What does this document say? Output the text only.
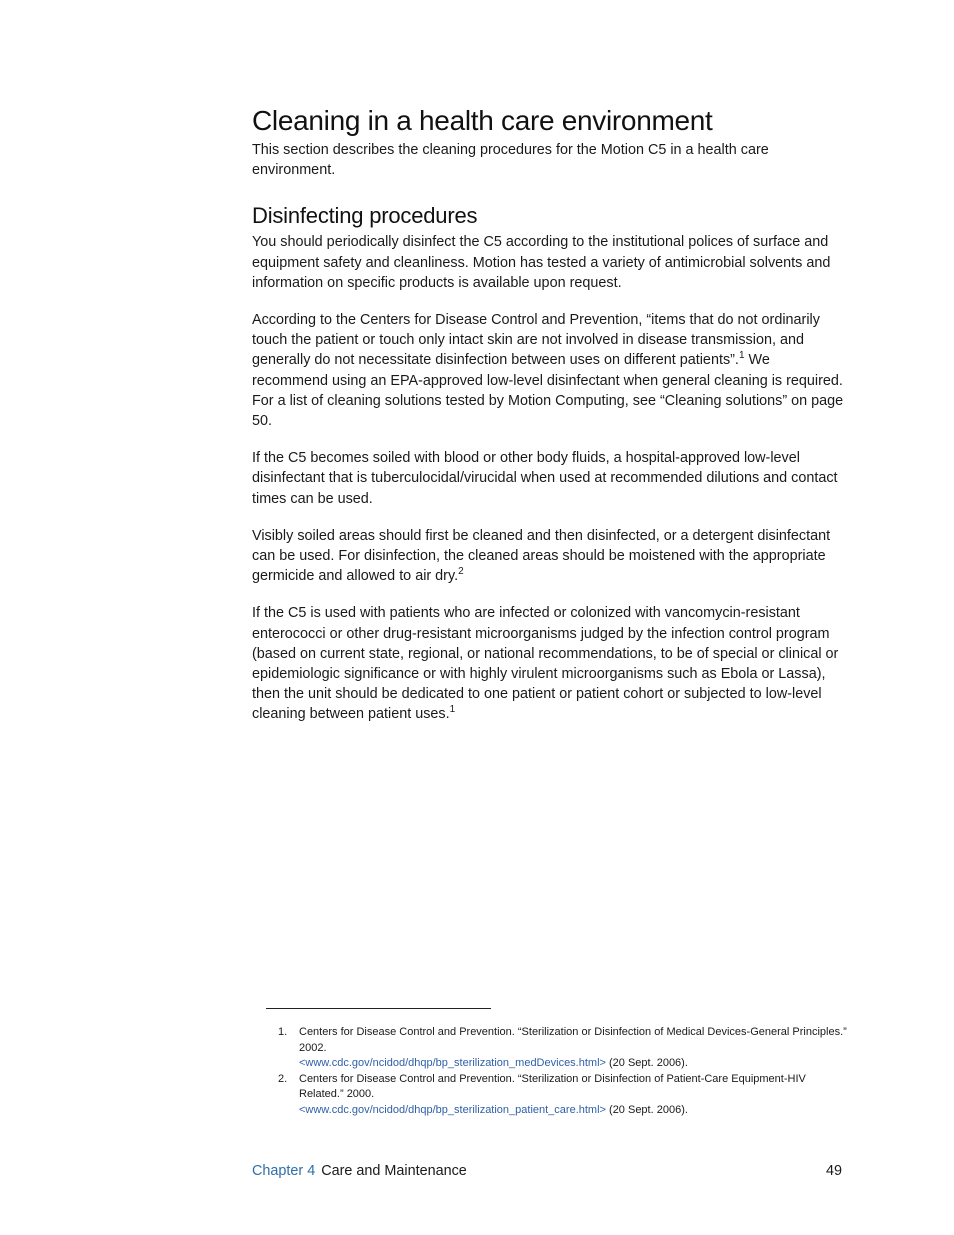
Cleaning in a health care environment

This section describes the cleaning procedures for the Motion C5 in a health care environment.

Disinfecting procedures

You should periodically disinfect the C5 according to the institutional polices of surface and equipment safety and cleanliness. Motion has tested a variety of antimicrobial solvents and information on specific products is available upon request.

According to the Centers for Disease Control and Prevention, “items that do not ordinarily touch the patient or touch only intact skin are not involved in disease transmission, and generally do not necessitate disinfection between uses on different patients”.$^1$ We recommend using an EPA-approved low-level disinfectant when general cleaning is required. For a list of cleaning solutions tested by Motion Computing, see “Cleaning solutions” on page 50.

If the C5 becomes soiled with blood or other body fluids, a hospital-approved low-level disinfectant that is tuberculocidal/virucidal when used at recommended dilutions and contact times can be used.

Visibly soiled areas should first be cleaned and then disinfected, or a detergent disinfectant can be used. For disinfection, the cleaned areas should be moistened with the appropriate germicide and allowed to air dry.$^2$

If the C5 is used with patients who are infected or colonized with vancomycin-resistant enterococci or other drug-resistant microorganisms judged by the infection control program (based on current state, regional, or national recommendations, to be of special or clinical or epidemiologic significance or with highly virulent microorganisms such as Ebola or Lassa), then the unit should be dedicated to one patient or patient cohort or subjected to low-level cleaning between patient uses.$^1$

1. Centers for Disease Control and Prevention. “Sterilization or Disinfection of Medical Devices-General Principles.” 2002.
<www.cdc.gov/ncidod/dhqp/bp_sterilization_medDevices.html> (20 Sept. 2006).
2. Centers for Disease Control and Prevention. “Sterilization or Disinfection of Patient-Care Equipment-HIV Related.” 2000.
<www.cdc.gov/ncidod/dhqp/bp_sterilization_patient_care.html> (20 Sept. 2006).
Chapter 4 Care and Maintenance	49
